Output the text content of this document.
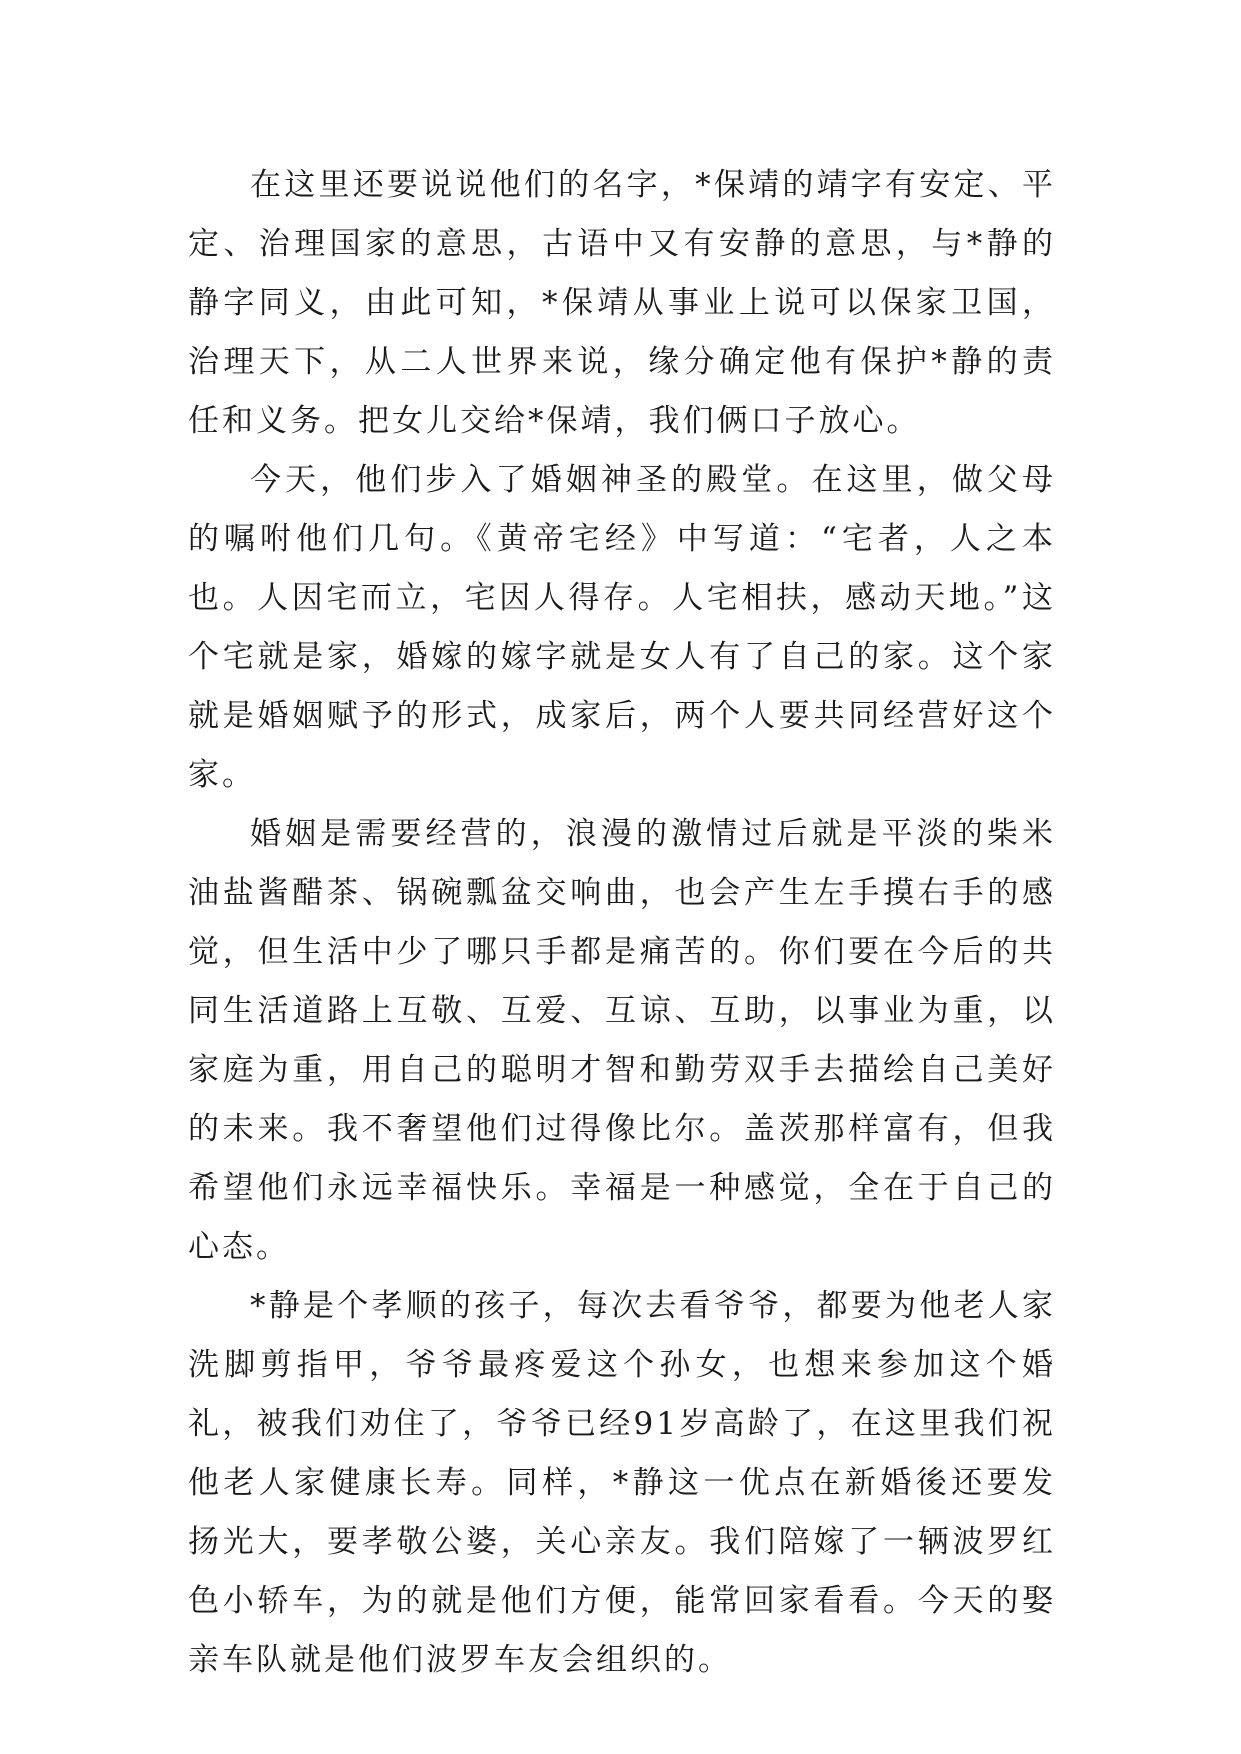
在这里还要说说他们的名字，*保靖的靖字有安定、平定、治理国家的意思，古语中又有安静的意思，与*静的静字同义，由此可知，*保靖从事业上说可以保家卫国，治理天下，从二人世界来说，缘分确定他有保护*静的责任和义务。把女儿交给*保靖，我们俩口子放心。

今天，他们步入了婚姻神圣的殿堂。在这里，做父母的嘱咐他们几句。《黄帝宅经》中写道：“宅者，人之本也。人因宅而立，宅因人得存。人宅相扶，感动天地。”这个宅就是家，婚嫁的嫁字就是女人有了自己的家。这个家就是婚姻赋予的形式，成家后，两个人要共同经营好这个家。

婚姻是需要经营的，浪漫的激情过后就是平淡的柴米油盐酱醋茶、锅碗瓢盆交响曲，也会产生左手摸右手的感觉，但生活中少了哪只手都是痛苦的。你们要在今后的共同生活道路上互敬、互爱、互谅、互助，以事业为重，以家庭为重，用自己的聪明才智和勤劳双手去描绘自己美好的未来。我不奢望他们过得像比尔。盖茨那样富有，但我希望他们永远幸福快乐。幸福是一种感觉，全在于自己的心态。

*静是个孝顺的孩子，每次去看爷爷，都要为他老人家洗脚剪指甲，爷爷最疼爱这个孙女，也想来参加这个婚礼，被我们劝住了，爷爷已经91岁高龄了，在这里我们祝他老人家健康长寿。同样，*静这一优点在新婚後还要发扬光大，要孝敬公婆，关心亲友。我们陪嫁了一辆波罗红色小轿车，为的就是他们方便，能常回家看看。今天的娶亲车队就是他们波罗车友会组织的。
